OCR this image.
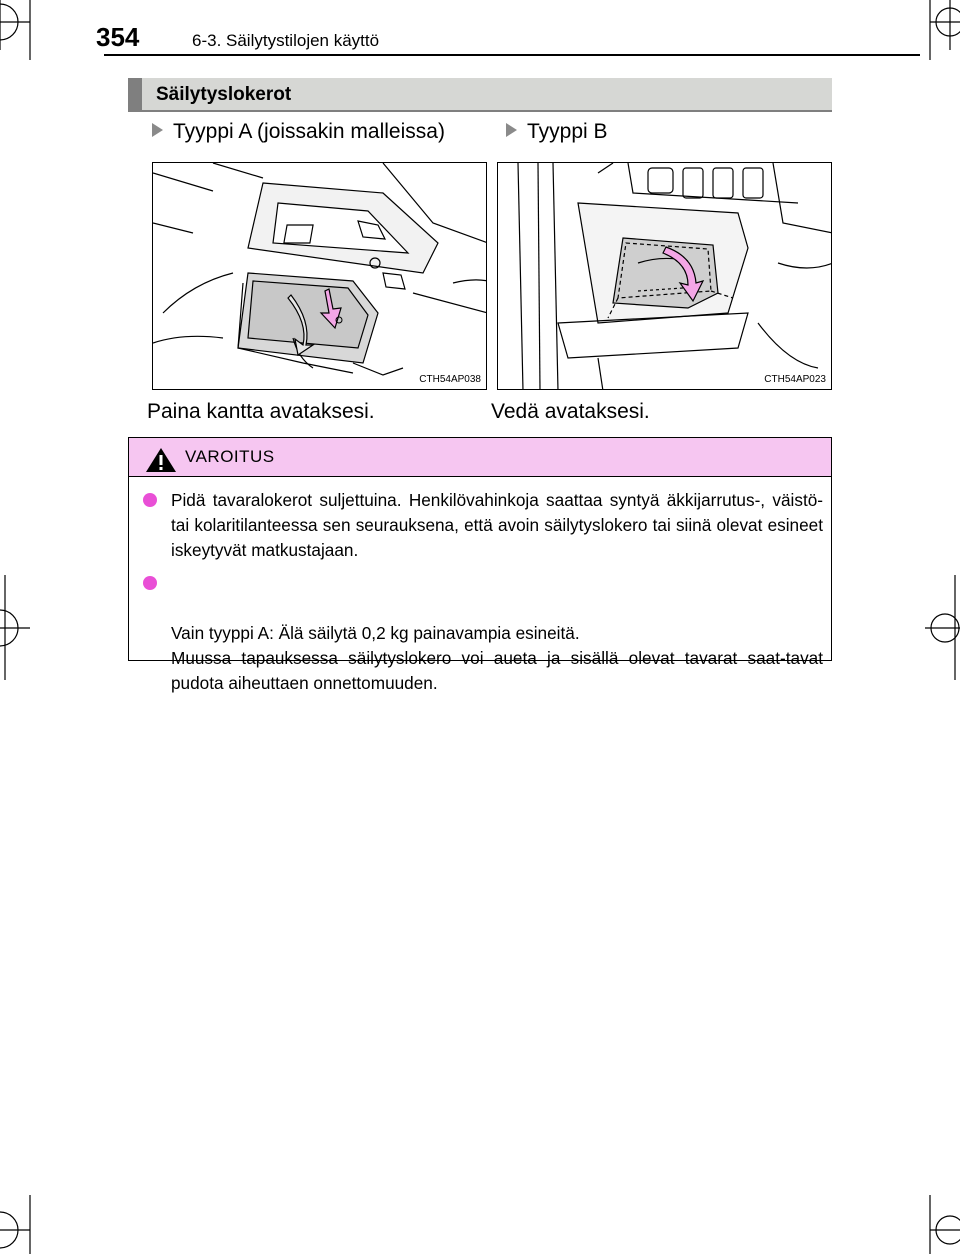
354	6-3. Säilytystilojen käyttö
Säilytyslokerot
Tyyppi A (joissakin malleissa)	Tyyppi B
CTH54AP038	CTH54AP023
Paina kantta avataksesi.	Vedä avataksesi.
VAROITUS
Pidä tavaralokerot suljettuina. Henkilövahinkoja saattaa syntyä äkkijarrutus-, väistö- tai kolaritilanteessa sen seurauksena, että avoin säilytyslokero tai siinä olevat esineet iskeytyvät matkustajaan.

Vain tyyppi A: Älä säilytä 0,2 kg painavampia esineitä.
Muussa tapauksessa säilytyslokero voi aueta ja sisällä olevat tavarat saat-tavat pudota aiheuttaen onnettomuuden.
